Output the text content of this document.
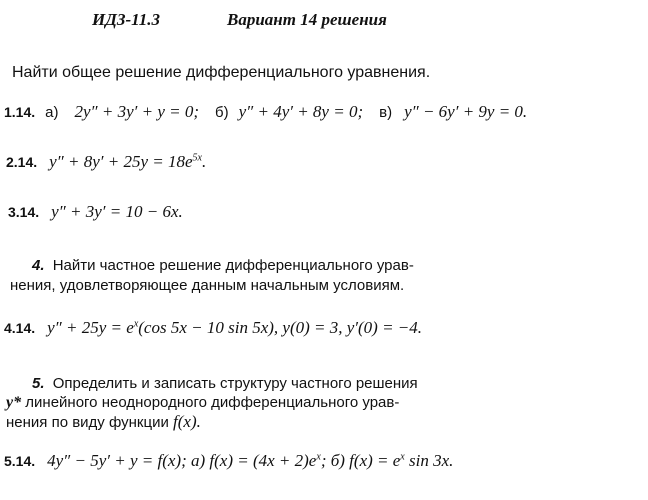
ИДЗ-11.3	Вариант 14 решения
Найти общее решение дифференциального уравнения.
1.14. а) 2y″ + 3y′ + y = 0; б) y″ + 4y′ + 8y = 0; в) y″ − 6y′ + 9y = 0.
2.14. $y'' + 8y' + 25y = 18e^{5x}$.
3.14. y″ + 3y′ = 10 − 6x.
4. Найти частное решение дифференциального урав-
нения, удовлетворяющее данным начальным условиям.
4.14. $y'' + 25y = e^x(\cos$ 5x − 10 sin 5x), y(0) = 3, y′(0) = −4.
5. Определить и записать структуру частного решения
y* линейного неоднородного дифференциального урав-
нения по виду функции f(x).
5.14. 4y″ − 5y′ + y = f(x); а) $f(x) = (4x + 2)e^x$; б) $f(x) = e^x$ sin 3x.
